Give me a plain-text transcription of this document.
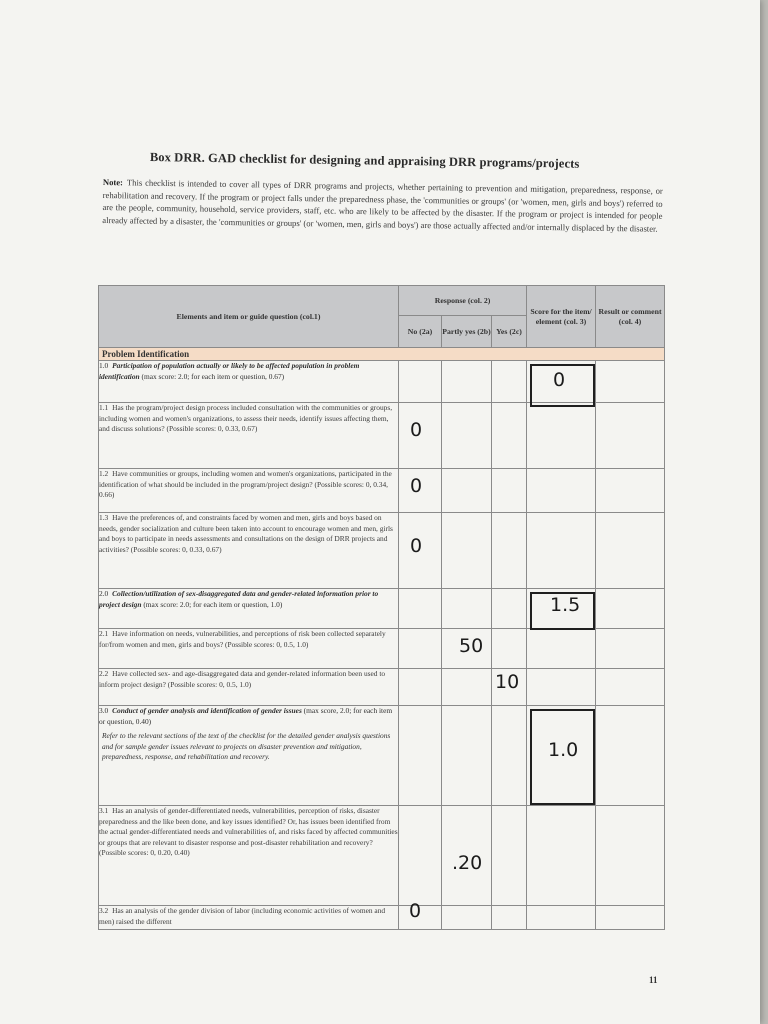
Box DRR. GAD checklist for designing and appraising DRR programs/projects
Note: This checklist is intended to cover all types of DRR programs and projects, whether pertaining to prevention and mitigation, preparedness, response, or rehabilitation and recovery. If the program or project falls under the preparedness phase, the 'communities or groups' (or 'women, men, girls and boys') referred to are the people, community, household, service providers, staff, etc. who are likely to be affected by the disaster. If the program or project is intended for people already affected by a disaster, the 'communities or groups' (or 'women, men, girls and boys') are those actually affected and/or internally displaced by the disaster.
Elements and item or guide question (col.1)	Response (col. 2)			Score for the item/ element (col. 3)	Result or comment (col. 4)
	No (2a)	Partly yes (2b)	Yes (2c)		
Problem Identification					
1.0 Participation of population actually or likely to be affected population in problem identification (max score: 2.0; for each item or question, 0.67)				0	

1.1 Has the program/project design process included consultation with the communities or groups, including women and women's organizations, to assess their needs, identify issues affecting them, and discuss solutions? (Possible scores: 0, 0.33, 0.67)	0				

1.2 Have communities or groups, including women and women's organizations, participated in the identification of what should be included in the program/project design? (Possible scores: 0, 0.34, 0.66)	0				

1.3 Have the preferences of, and constraints faced by women and men, girls and boys based on needs, gender socialization and culture been taken into account to encourage women and men, girls and boys to participate in needs assessments and consultations on the design of DRR projects and activities? (Possible scores: 0, 0.33, 0.67)	0				

2.0 Collection/utilization of sex-disaggregated data and gender-related information prior to project design (max score: 2.0; for each item or question, 1.0)				1.5	

2.1 Have information on needs, vulnerabilities, and perceptions of risk been collected separately for/from women and men, girls and boys? (Possible scores: 0, 0.5, 1.0)		50			

2.2 Have collected sex- and age-disaggregated data and gender-related information been used to inform project design? (Possible scores: 0, 0.5, 1.0)			10		

3.0 Conduct of gender analysis and identification of gender issues (max score, 2.0; for each item or question, 0.40)
Refer to the relevant sections of the text of the checklist for the detailed gender analysis questions and for sample gender issues relevant to projects on disaster prevention and mitigation, preparedness, response, and rehabilitation and recovery.				1.0	

3.1 Has an analysis of gender-differentiated needs, vulnerabilities, perception of risks, disaster preparedness and the like been done, and key issues identified? Or, has issues been identified from the actual gender-differentiated needs and vulnerabilities of, and risks faced by affected communities or groups that are relevant to disaster response and post-disaster rehabilitation and recovery? (Possible scores: 0, 0.20, 0.40)		.20			

3.2 Has an analysis of the gender division of labor (including economic activities of women and men) raised the different	0				

11
